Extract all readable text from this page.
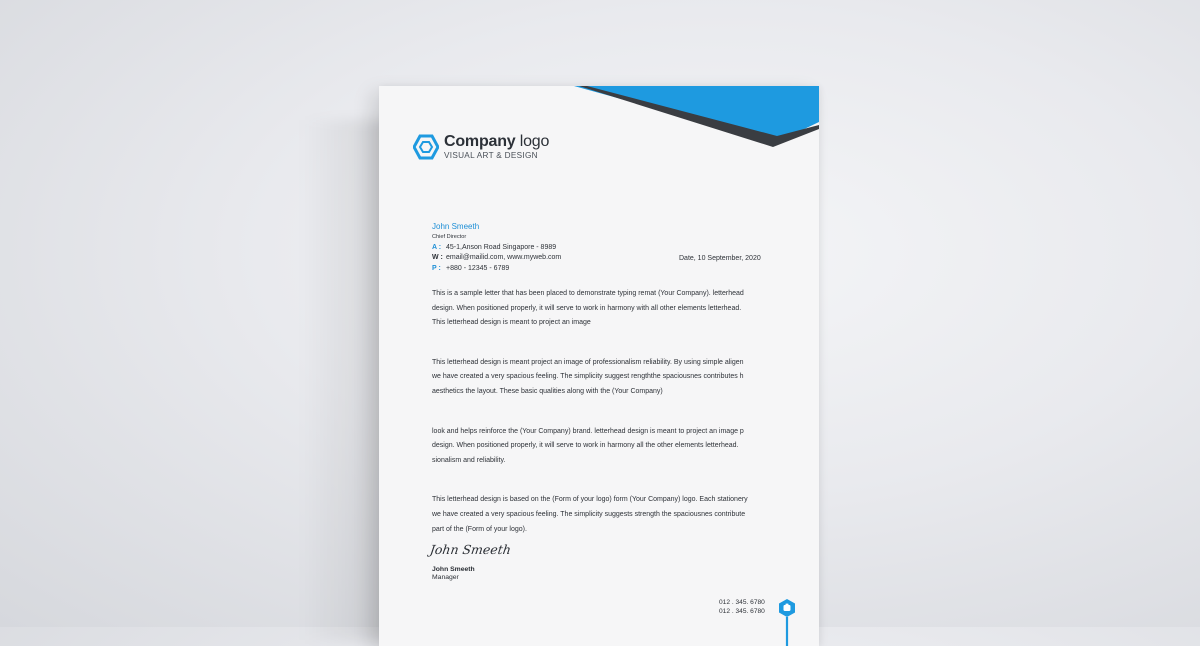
Company logo
VISUAL ART & DESIGN
John Smeeth
Chief Director
A : 45-1,Anson Road Singapore - 8989
W : email@mailid.com, www.myweb.com
P : +880 - 12345 - 6789
Date, 10 September, 2020
This is a sample letter that has been placed to demonstrate typing remat (Your Company). letterhead
design. When positioned properly, it will serve to work in harmony with all other elements letterhead.
This letterhead design is meant to project an image
This letterhead design is meant project an image of professionalism reliability. By using simple aligen
we have created a very spacious feeling. The simplicity suggest rengththe spaciousnes contributes h
aesthetics the layout. These basic qualities along with the (Your Company)
look and helps reinforce the (Your Company) brand. letterhead design is meant to project an image p
design. When positioned properly, it will serve to work in harmony all the other elements letterhead.
sionalism and reliability.
This letterhead design is based on the (Form of your logo) form (Your Company) logo. Each stationery
we have created a very spacious feeling. The simplicity suggests strength the spaciousnes contribute
part of the (Form of your logo).
John Smeeth
John Smeeth
Manager
012 . 345. 6780
012 . 345. 6780
